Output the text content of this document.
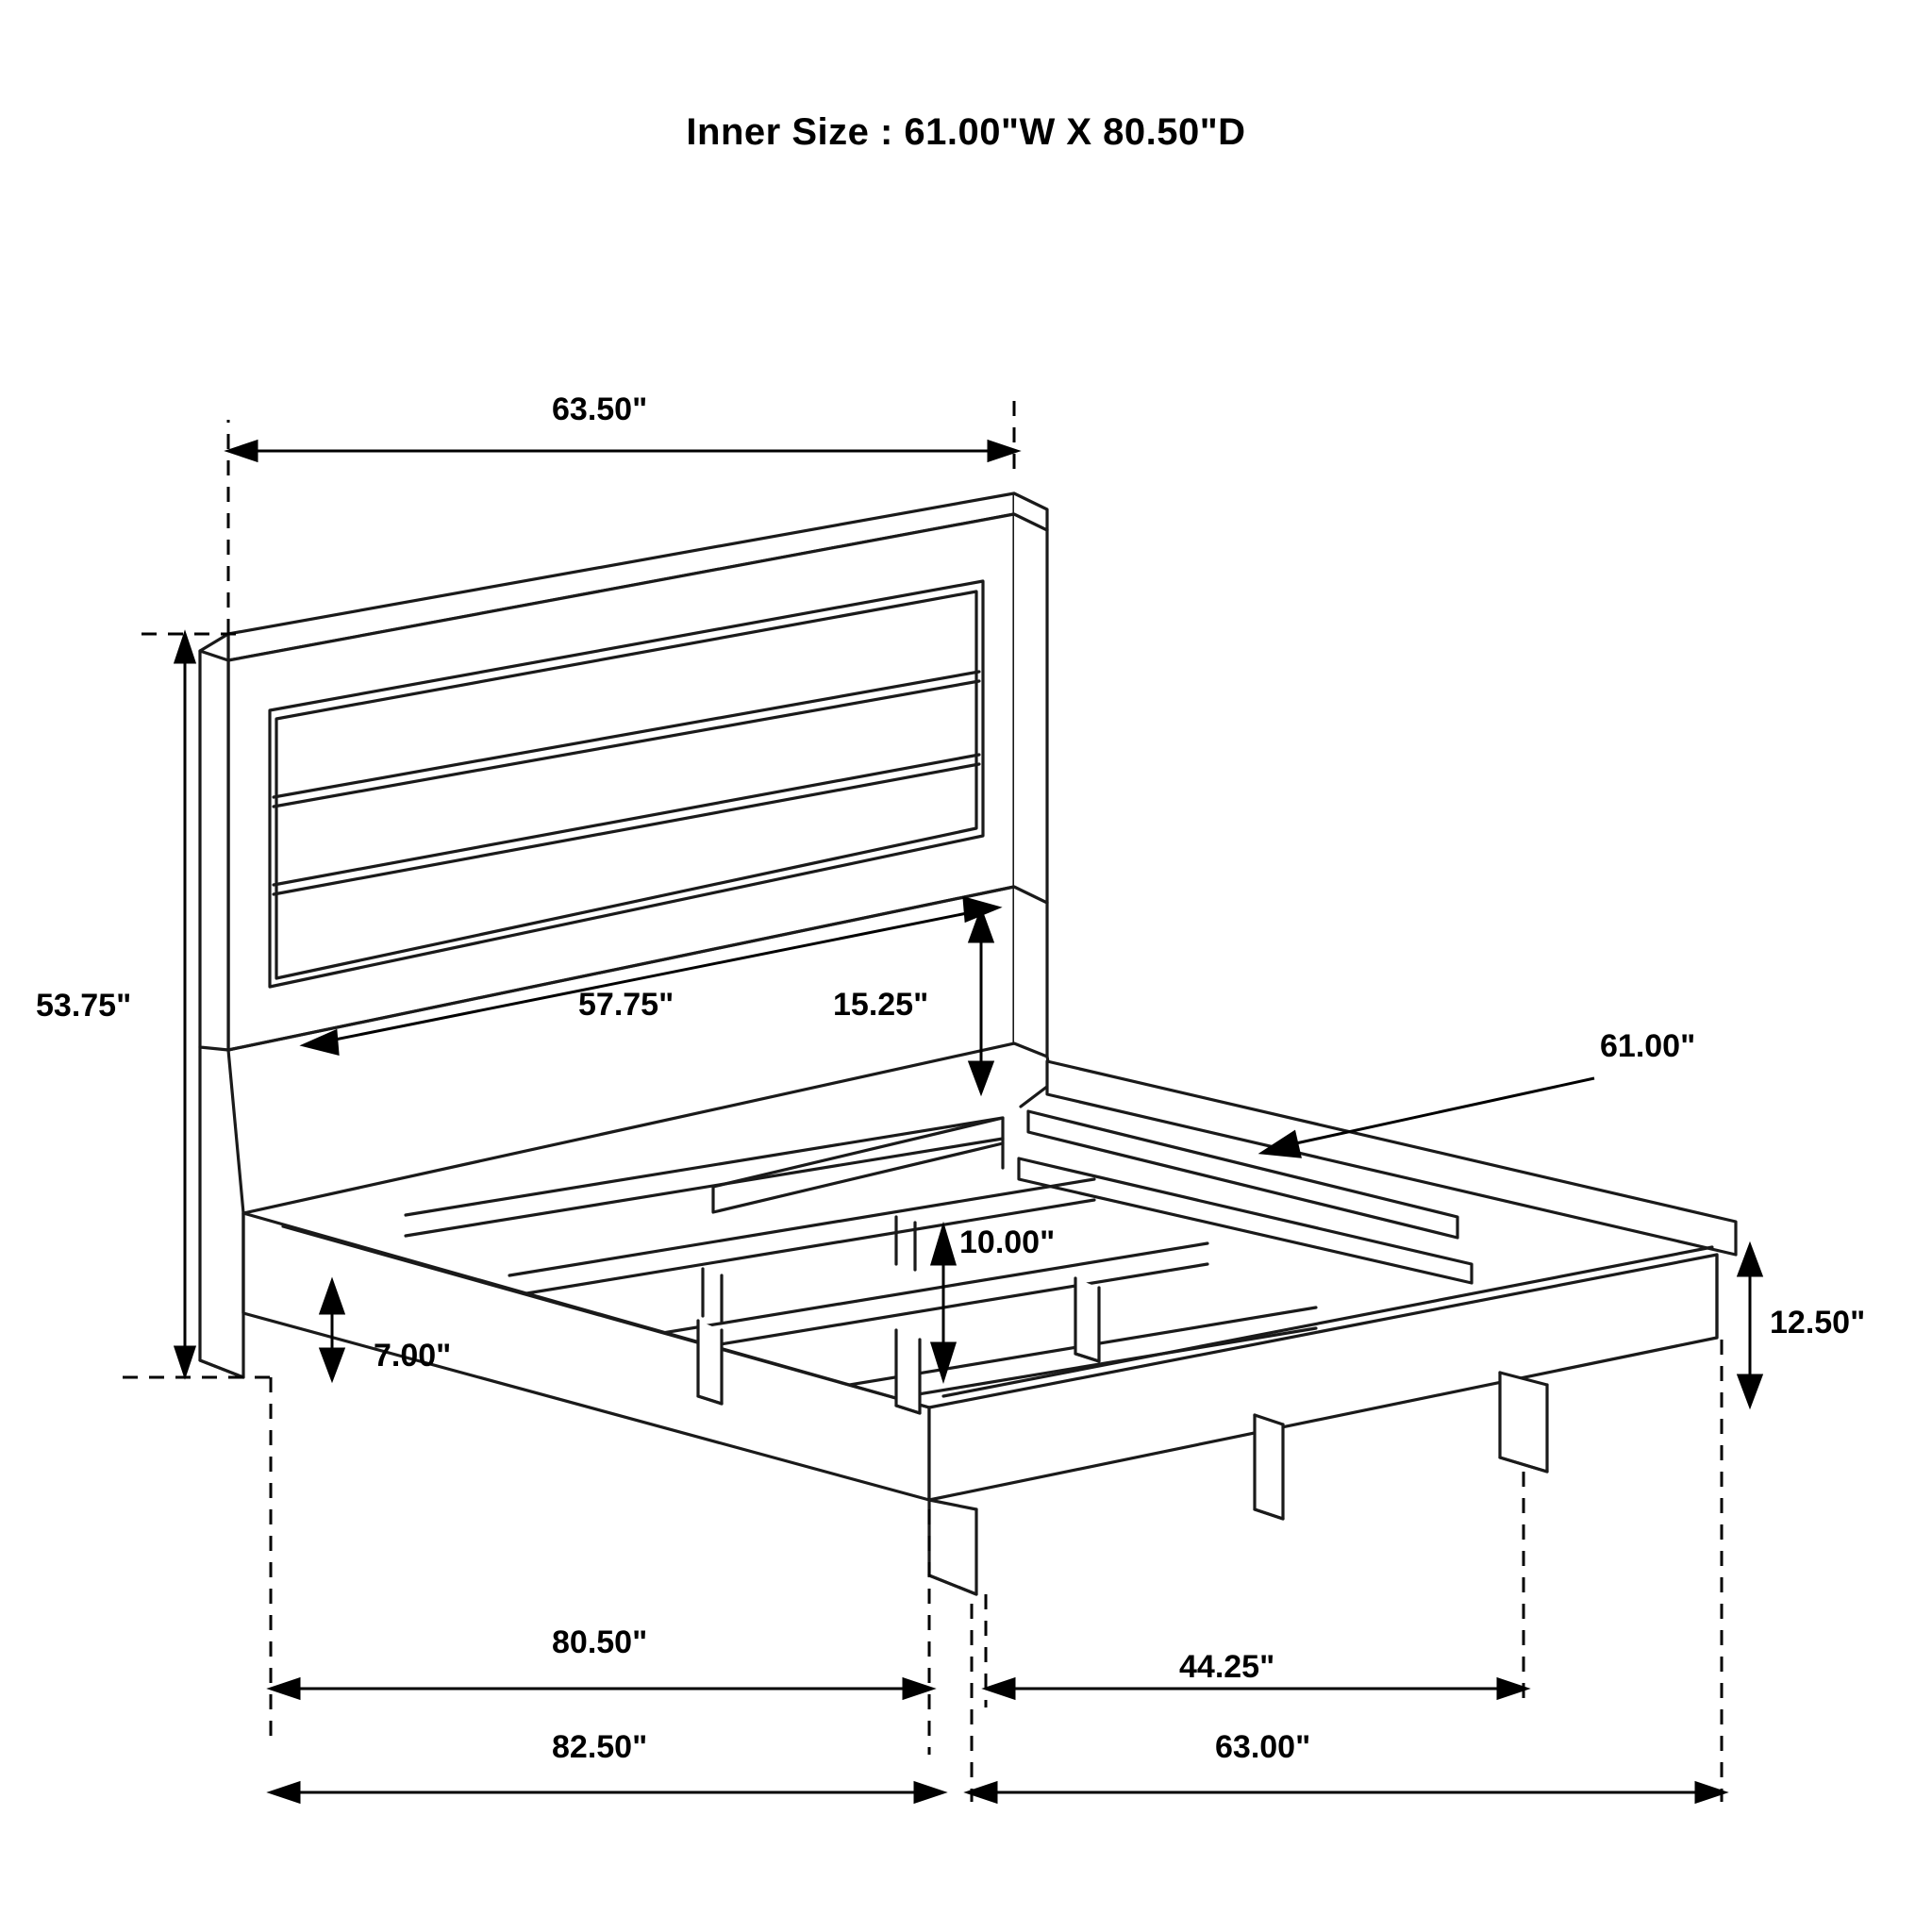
Inner Size : 61.00"W X 80.50"D
63.50"
53.75"	57.75"	15.25"
61.00"
10.00"
12.50"
7.00"
80.50"
44.25"
82.50"	63.00"
